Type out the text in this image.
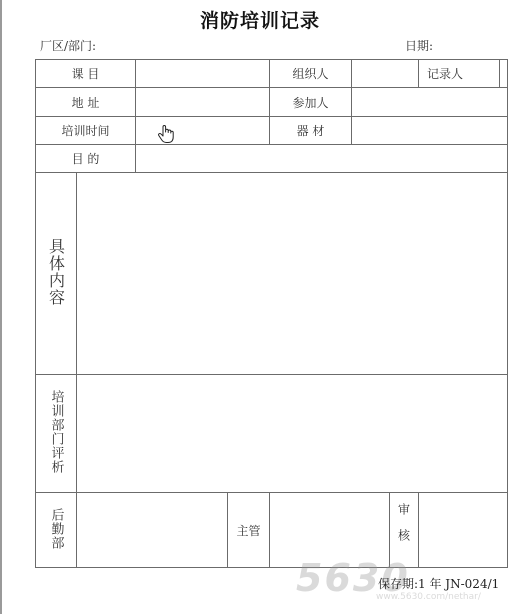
消防培训记录
厂区/部门:	日期:
课 目				组织人			记录人	
地 址				参加人				
培训时间				器 材				
目 的								
具体内容								
培训部门评析								
后勤部			主管			审核		
5630
www.5630.com/nethar/
保存期:1 年 JN-024/1
